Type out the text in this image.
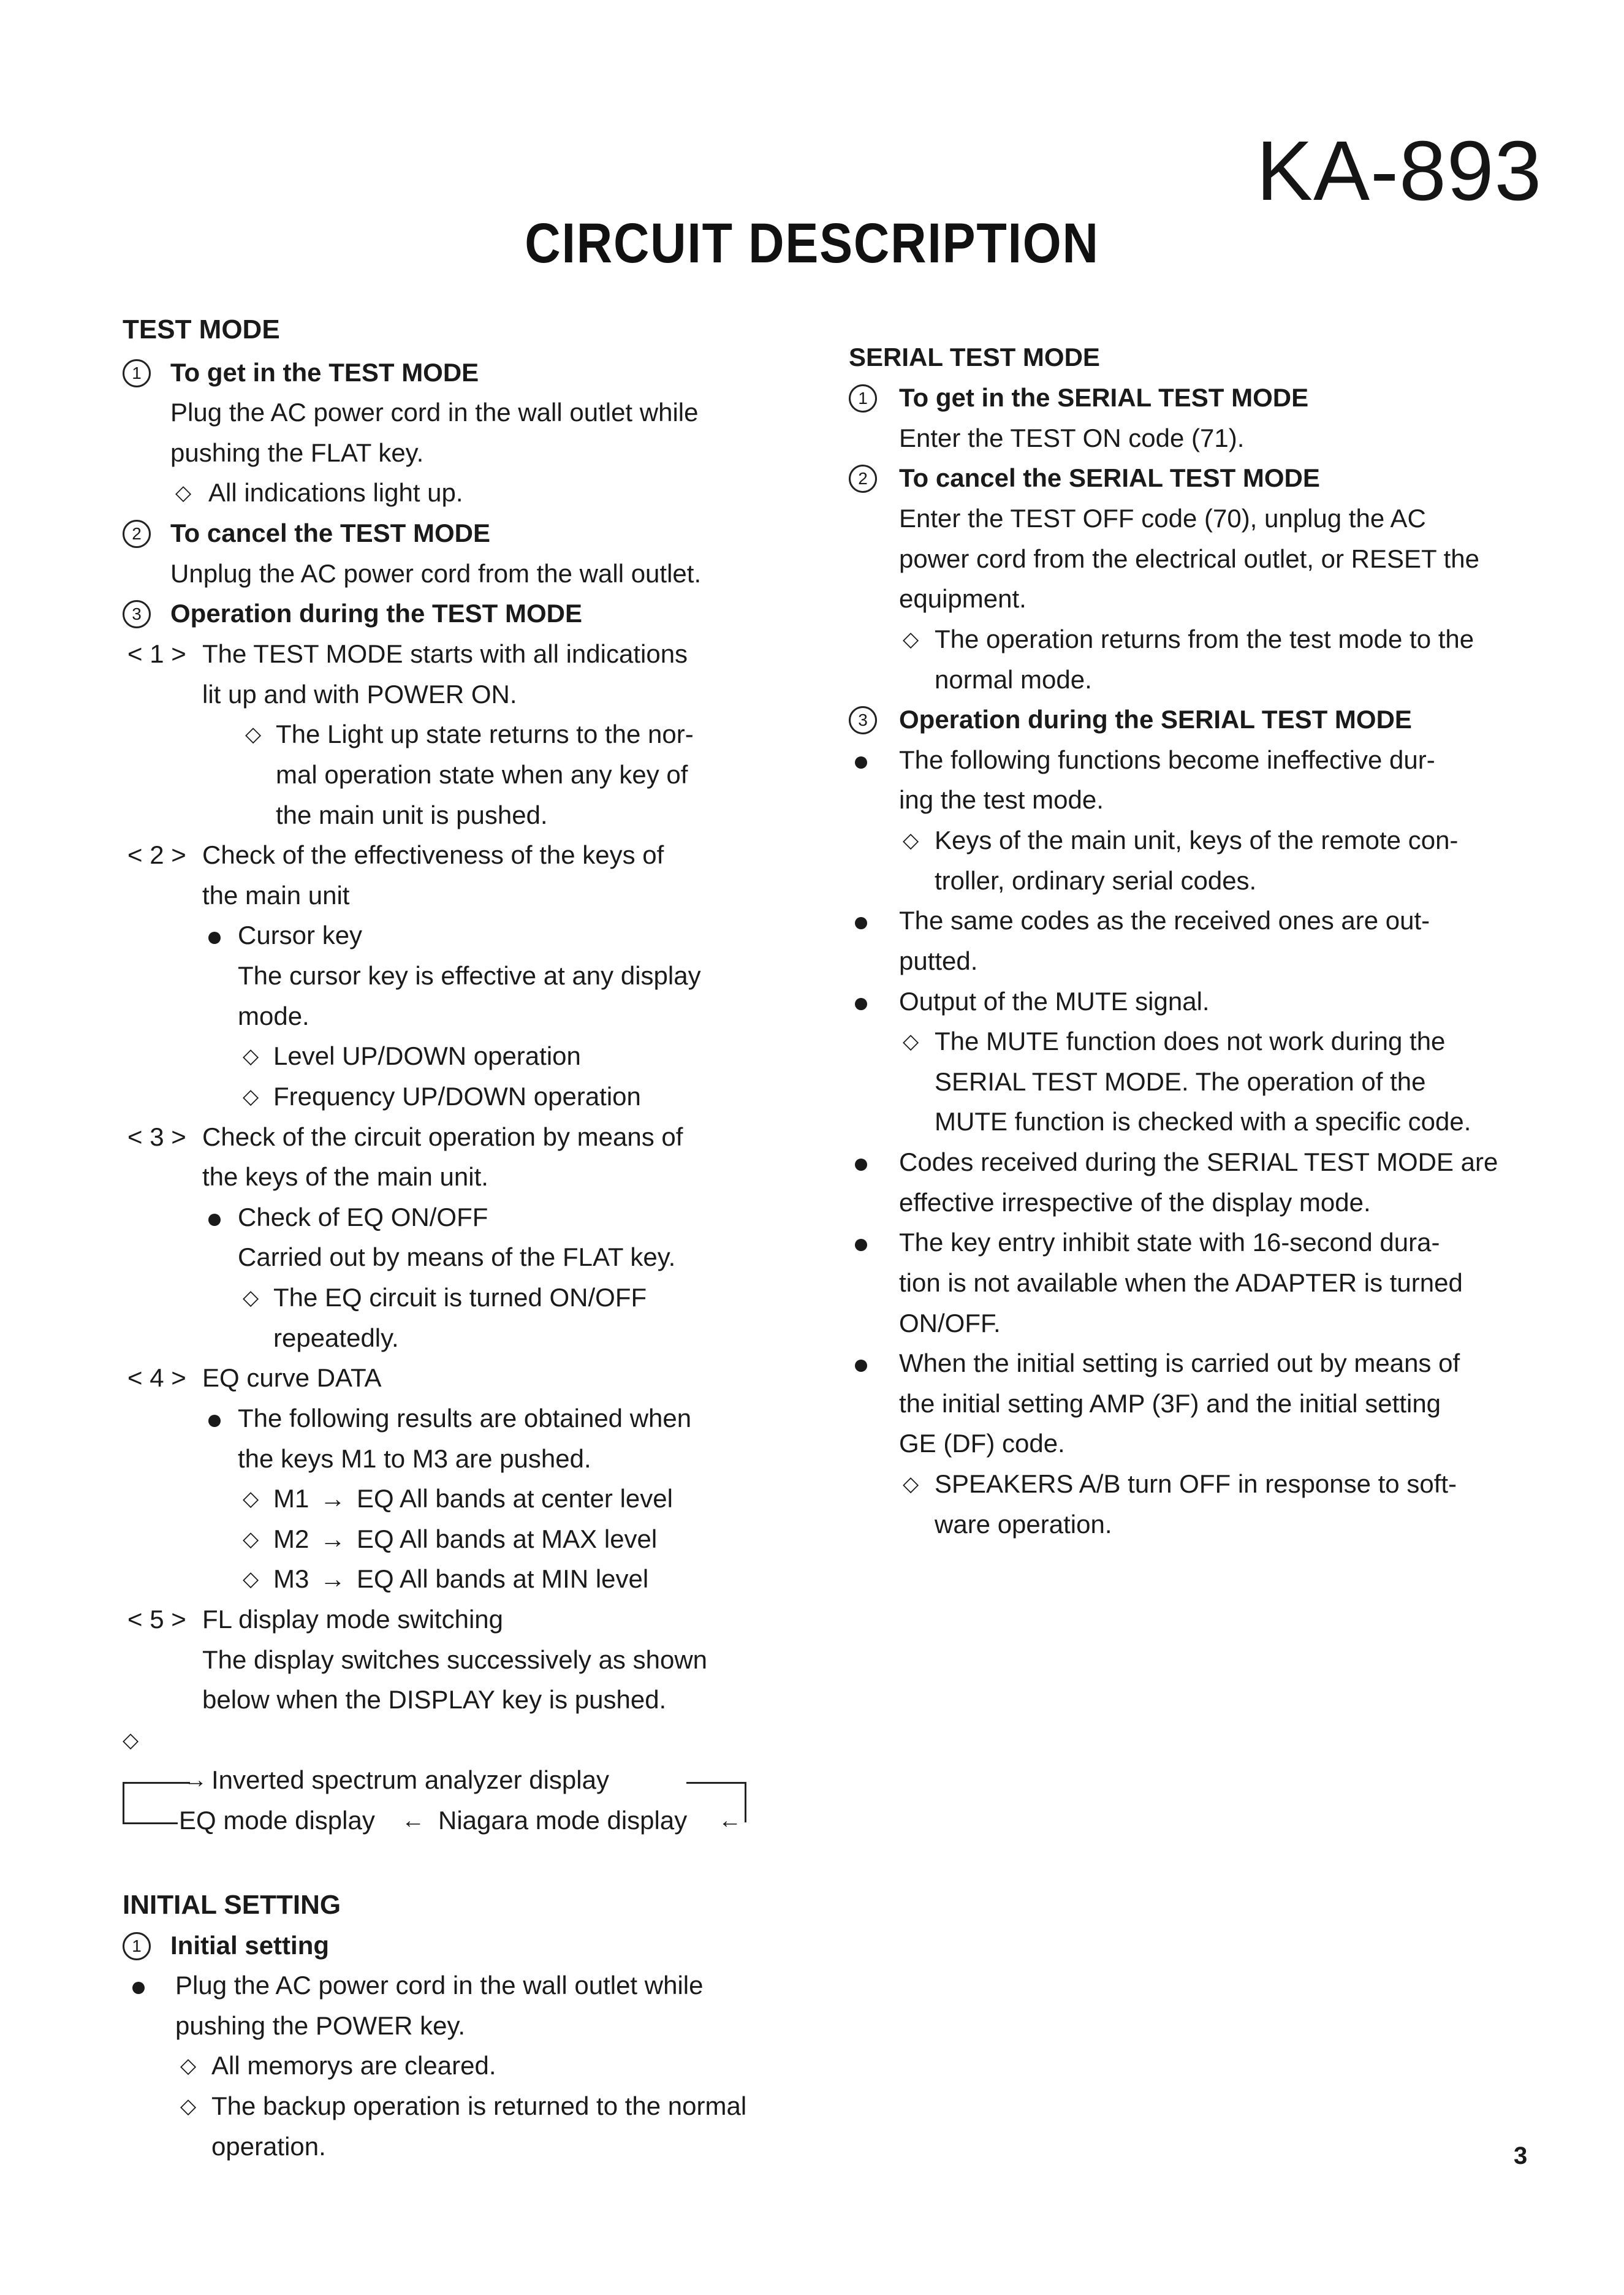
KA-893
CIRCUIT DESCRIPTION
TEST MODE
1	To get in the TEST MODE
Plug the AC power cord in the wall outlet while
pushing the FLAT key.
◇ All indications light up.
2	To cancel the TEST MODE
Unplug the AC power cord from the wall outlet.
3	Operation during the TEST MODE
< 1 > The TEST MODE starts with all indications
lit up and with POWER ON.
◇ The Light up state returns to the nor-
mal operation state when any key of
the main unit is pushed.
< 2 > Check of the effectiveness of the keys of
the main unit
Cursor key
The cursor key is effective at any display
mode.
◇ Level UP/DOWN operation
◇ Frequency UP/DOWN operation
< 3 > Check of the circuit operation by means of
the keys of the main unit.
Check of EQ ON/OFF
Carried out by means of the FLAT key.
◇ The EQ circuit is turned ON/OFF
repeatedly.
< 4 > EQ curve DATA
The following results are obtained when
the keys M1 to M3 are pushed.
◇ M1 → EQ All bands at center level
◇ M2 → EQ All bands at MAX level
◇ M3 → EQ All bands at MIN level
< 5 > FL display mode switching
The display switches successively as shown
below when the DISPLAY key is pushed.
◇
→ Inverted spectrum analyzer display
EQ mode display ← Niagara mode display ←
INITIAL SETTING
1	Initial setting
Plug the AC power cord in the wall outlet while
pushing the POWER key.
◇ All memorys are cleared.
◇ The backup operation is returned to the normal
operation.
SERIAL TEST MODE
1	To get in the SERIAL TEST MODE
Enter the TEST ON code (71).
2	To cancel the SERIAL TEST MODE
Enter the TEST OFF code (70), unplug the AC
power cord from the electrical outlet, or RESET the
equipment.
◇ The operation returns from the test mode to the
normal mode.
3	Operation during the SERIAL TEST MODE
The following functions become ineffective dur-
ing the test mode.
◇ Keys of the main unit, keys of the remote con-
troller, ordinary serial codes.
The same codes as the received ones are out-
putted.
Output of the MUTE signal.
◇ The MUTE function does not work during the
SERIAL TEST MODE. The operation of the
MUTE function is checked with a specific code.
Codes received during the SERIAL TEST MODE are
effective irrespective of the display mode.
The key entry inhibit state with 16-second dura-
tion is not available when the ADAPTER is turned
ON/OFF.
When the initial setting is carried out by means of
the initial setting AMP (3F) and the initial setting
GE (DF) code.
◇ SPEAKERS A/B turn OFF in response to soft-
ware operation.
3
